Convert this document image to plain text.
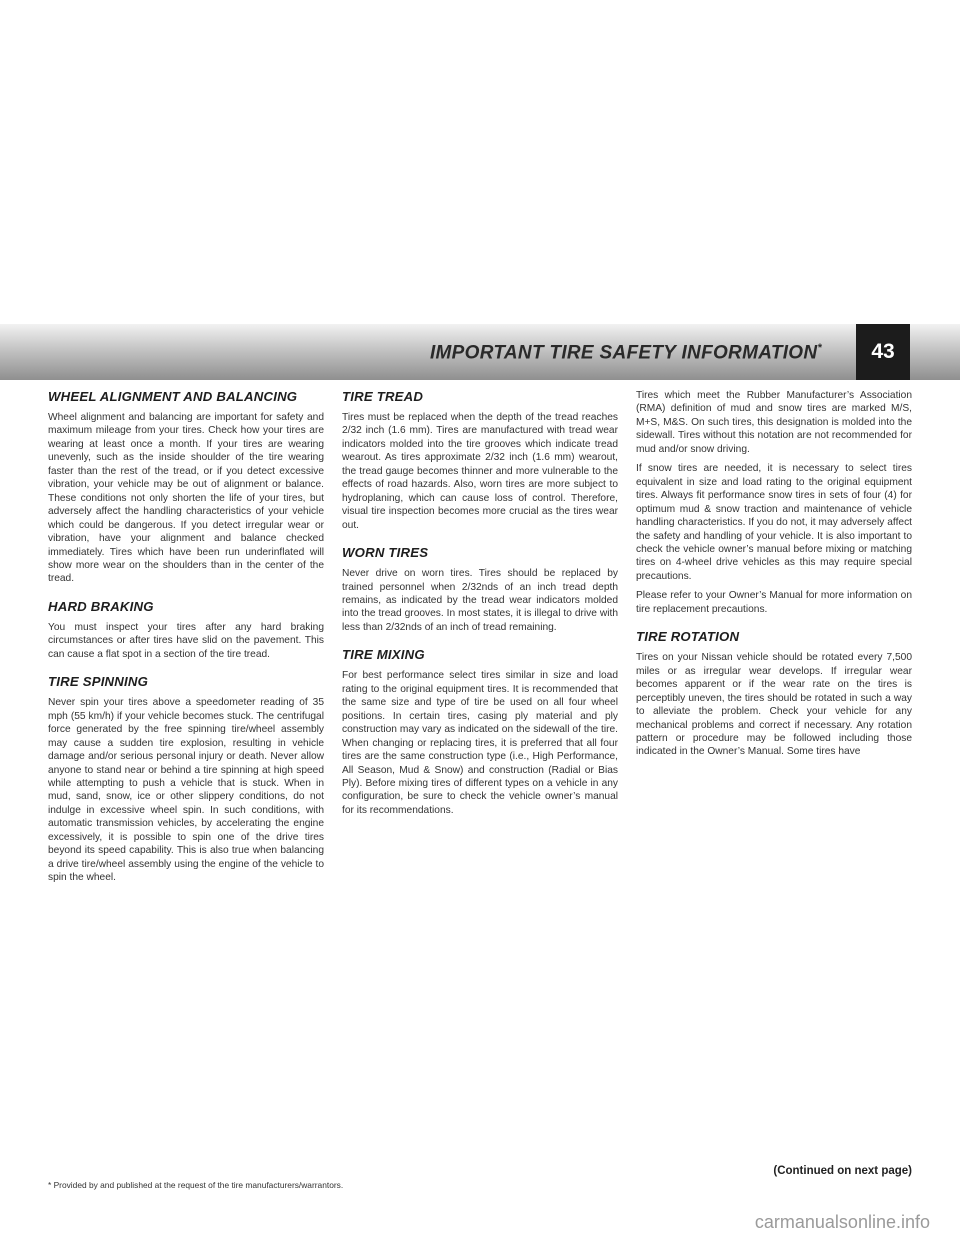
IMPORTANT TIRE SAFETY INFORMATION*	43
WHEEL ALIGNMENT AND BALANCING

Wheel alignment and balancing are important for safety and maximum mileage from your tires. Check how your tires are wearing at least once a month. If your tires are wearing unevenly, such as the inside shoulder of the tire wearing faster than the rest of the tread, or if you detect excessive vibration, your vehicle may be out of alignment or balance. These conditions not only shorten the life of your tires, but adversely affect the handling characteristics of your vehicle which could be dangerous. If you detect irregular wear or vibration, have your alignment and balance checked immediately. Tires which have been run underinflated will show more wear on the shoulders than in the center of the tread.

HARD BRAKING

You must inspect your tires after any hard braking circumstances or after tires have slid on the pavement. This can cause a flat spot in a section of the tire tread.

TIRE SPINNING

Never spin your tires above a speedometer reading of 35 mph (55 km/h) if your vehicle becomes stuck. The centrifugal force generated by the free spinning tire/wheel assembly may cause a sudden tire explosion, resulting in vehicle damage and/or serious personal injury or death. Never allow anyone to stand near or behind a tire spinning at high speed while attempting to push a vehicle that is stuck. When in mud, sand, snow, ice or other slippery conditions, do not indulge in excessive wheel spin. In such conditions, with automatic transmission vehicles, by accelerating the engine excessively, it is possible to spin one of the drive tires beyond its speed capability. This is also true when balancing a drive tire/wheel assembly using the engine of the vehicle to spin the wheel.

TIRE TREAD

Tires must be replaced when the depth of the tread reaches 2/32 inch (1.6 mm). Tires are manufactured with tread wear indicators molded into the tire grooves which indicate tread wearout. As tires approximate 2/32 inch (1.6 mm) wearout, the tread gauge becomes thinner and more vulnerable to the effects of road hazards. Also, worn tires are more subject to hydroplaning, which can cause loss of control. Therefore, visual tire inspection becomes more crucial as the tires wear out.

WORN TIRES

Never drive on worn tires. Tires should be replaced by trained personnel when 2/32nds of an inch tread depth remains, as indicated by the tread wear indicators molded into the tread grooves. In most states, it is illegal to drive with less than 2/32nds of an inch of tread remaining.

TIRE MIXING

For best performance select tires similar in size and load rating to the original equipment tires. It is recommended that the same size and type of tire be used on all four wheel positions. In certain tires, casing ply material and ply construction may vary as indicated on the sidewall of the tire. When changing or replacing tires, it is preferred that all four tires are the same construction type (i.e., High Performance, All Season, Mud & Snow) and construction (Radial or Bias Ply). Before mixing tires of different types on a vehicle in any configuration, be sure to check the vehicle owner’s manual for its recommendations.

Tires which meet the Rubber Manufacturer’s Association (RMA) definition of mud and snow tires are marked M/S, M+S, M&S. On such tires, this designation is molded into the sidewall. Tires without this notation are not recommended for mud and/or snow driving.

If snow tires are needed, it is necessary to select tires equivalent in size and load rating to the original equipment tires. Always fit performance snow tires in sets of four (4) for optimum mud & snow traction and maintenance of vehicle handling characteristics. If you do not, it may adversely affect the safety and handling of your vehicle. It is also important to check the vehicle owner’s manual before mixing or matching tires on 4-wheel drive vehicles as this may require special precautions.

Please refer to your Owner’s Manual for more information on tire replacement precautions.

TIRE ROTATION

Tires on your Nissan vehicle should be rotated every 7,500 miles or as irregular wear develops. If irregular wear becomes apparent or if the wear rate on the tires is perceptibly uneven, the tires should be rotated in such a way to alleviate the problem. Check your vehicle for any mechanical problems and correct if necessary. Any rotation pattern or procedure may be followed including those indicated in the Owner’s Manual. Some tires have

* Provided by and published at the request of the tire manufacturers/warrantors.
(Continued on next page)
carmanualsonline.info
